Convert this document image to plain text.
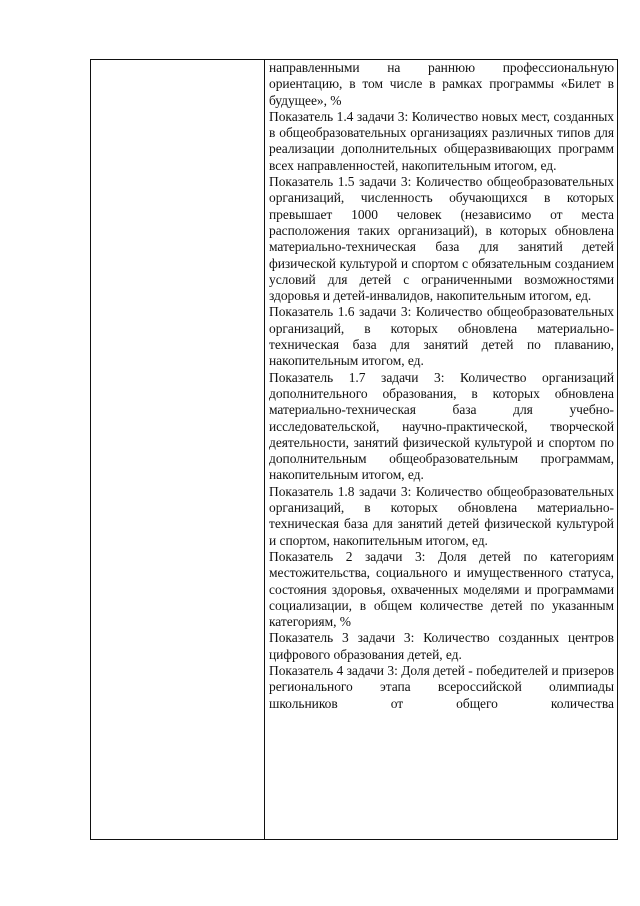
направленными на раннюю профессиональную ориентацию, в том числе в рамках программы «Билет в будущее», %

Показатель 1.4 задачи 3: Количество новых мест, созданных в общеобразовательных организациях различных типов для реализации дополнительных общеразвивающих программ всех направленностей, накопительным итогом, ед.

Показатель 1.5 задачи 3: Количество общеобразовательных организаций, численность обучающихся в которых превышает 1000 человек (независимо от места расположения таких организаций), в которых обновлена материально-техническая база для занятий детей физической культурой и спортом с обязательным созданием условий для детей с ограниченными возможностями здоровья и детей-инвалидов, накопительным итогом, ед.

Показатель 1.6 задачи 3: Количество общеобразовательных организаций, в которых обновлена материально-техническая база для занятий детей по плаванию, накопительным итогом, ед.

Показатель 1.7 задачи 3: Количество организаций дополнительного образования, в которых обновлена материально-техническая база для учебно-исследовательской, научно-практической, творческой деятельности, занятий физической культурой и спортом по дополнительным общеобразовательным программам, накопительным итогом, ед.

Показатель 1.8 задачи 3: Количество общеобразовательных организаций, в которых обновлена материально-техническая база для занятий детей физической культурой и спортом, накопительным итогом, ед.

Показатель 2 задачи 3: Доля детей по категориям местожительства, социального и имущественного статуса, состояния здоровья, охваченных моделями и программами социализации, в общем количестве детей по указанным категориям, %

Показатель 3 задачи 3: Количество созданных центров цифрового образования детей, ед.

Показатель 4 задачи 3: Доля детей - победителей и призеров регионального этапа всероссийской олимпиады школьников от общего количества
